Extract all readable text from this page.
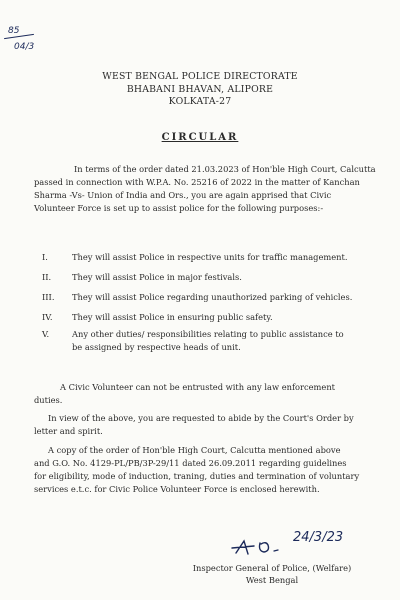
85
04/3
WEST BENGAL POLICE DIRECTORATE
BHABANI BHAVAN, ALIPORE
KOLKATA-27
CIRCULAR
In terms of the order dated 21.03.2023 of Hon'ble High Court, Calcutta
passed in connection with W.P.A. No. 25216 of 2022 in the matter of Kanchan
Sharma -Vs- Union of India and Ors., you are again apprised that Civic
Volunteer Force is set up to assist police for the following purposes:-
I.	They will assist Police in respective units for traffic management.
II.	They will assist Police in major festivals.
III.	They will assist Police regarding unauthorized parking of vehicles.
IV.	They will assist Police in ensuring public safety.
V.	Any other duties/ responsibilities relating to public assistance to
be assigned by respective heads of unit.
A Civic Volunteer can not be entrusted with any law enforcement
duties.
In view of the above, you are requested to abide by the Court's Order by
letter and spirit.
A copy of the order of Hon'ble High Court, Calcutta mentioned above
and G.O. No. 4129-PL/PB/3P-29/11 dated 26.09.2011 regarding guidelines
for eligibility, mode of induction, traning, duties and termination of voluntary
services e.t.c. for Civic Police Volunteer Force is enclosed herewith.
24/3/23
Inspector General of Police, (Welfare)
West Bengal
